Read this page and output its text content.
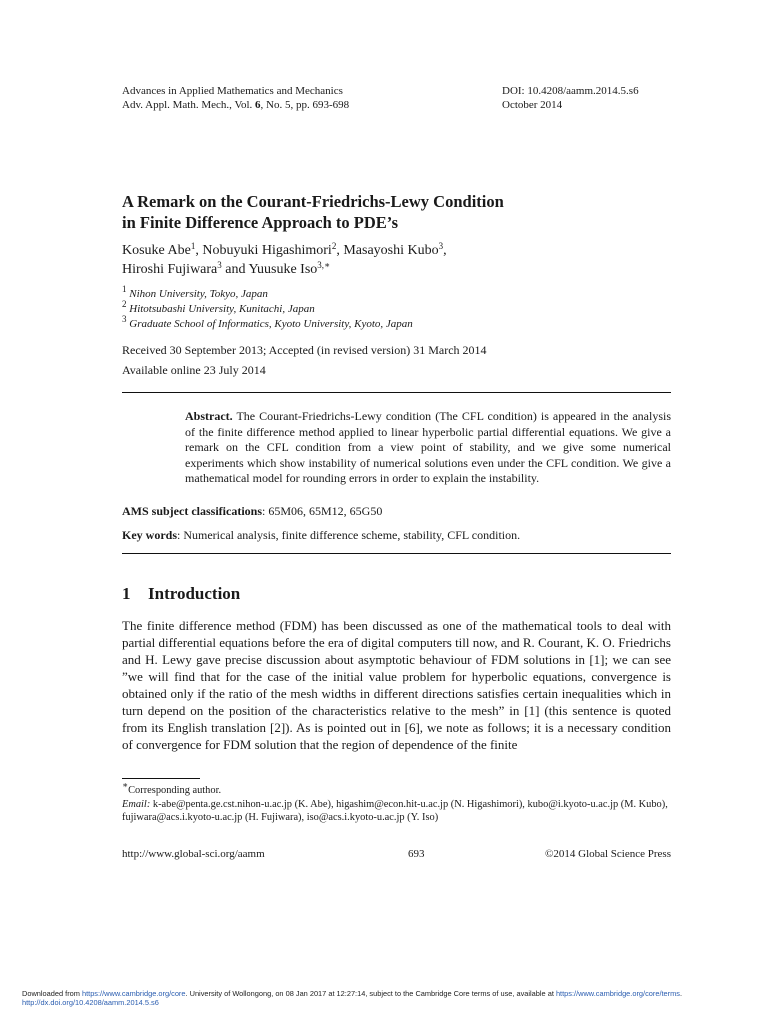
Advances in Applied Mathematics and Mechanics
Adv. Appl. Math. Mech., Vol. 6, No. 5, pp. 693-698
DOI: 10.4208/aamm.2014.5.s6
October 2014
A Remark on the Courant-Friedrichs-Lewy Condition
in Finite Difference Approach to PDE’s
Kosuke Abe$^1$, Nobuyuki Higashimori$^2$, Masayoshi Kubo$^3$,
Hiroshi Fujiwara$^3$ and Yuusuke Iso$^{3,∗}$
$^1$ Nihon University, Tokyo, Japan
$^2$ Hitotsubashi University, Kunitachi, Japan
$^3$ Graduate School of Informatics, Kyoto University, Kyoto, Japan
Received 30 September 2013; Accepted (in revised version) 31 March 2014
Available online 23 July 2014
Abstract. The Courant-Friedrichs-Lewy condition (The CFL condition) is appeared in the analysis of the finite difference method applied to linear hyperbolic partial differential equations. We give a remark on the CFL condition from a view point of stability, and we give some numerical experiments which show instability of numerical solutions even under the CFL condition. We give a mathematical model for rounding errors in order to explain the instability.
AMS subject classifications: 65M06, 65M12, 65G50
Key words: Numerical analysis, finite difference scheme, stability, CFL condition.
1 Introduction
The finite difference method (FDM) has been discussed as one of the mathematical tools to deal with partial differential equations before the era of digital computers till now, and R. Courant, K. O. Friedrichs and H. Lewy gave precise discussion about asymptotic behaviour of FDM solutions in [1]; we can see ”we will find that for the case of the initial value problem for hyperbolic equations, convergence is obtained only if the ratio of the mesh widths in different directions satisfies certain inequalities which in turn depend on the position of the characteristics relative to the mesh” in [1] (this sentence is quoted from its English translation [2]). As is pointed out in [6], we note as follows; it is a necessary condition of convergence for FDM solution that the region of dependence of the finite
∗Corresponding author.
Email: k-abe@penta.ge.cst.nihon-u.ac.jp (K. Abe), higashim@econ.hit-u.ac.jp (N. Higashimori), kubo@i.kyoto-u.ac.jp (M. Kubo), fujiwara@acs.i.kyoto-u.ac.jp (H. Fujiwara), iso@acs.i.kyoto-u.ac.jp (Y. Iso)
http://www.global-sci.org/aamm	693	©2014 Global Science Press
Downloaded from https://www.cambridge.org/core. University of Wollongong, on 08 Jan 2017 at 12:27:14, subject to the Cambridge Core terms of use, available at https://www.cambridge.org/core/terms.
http://dx.doi.org/10.4208/aamm.2014.5.s6
